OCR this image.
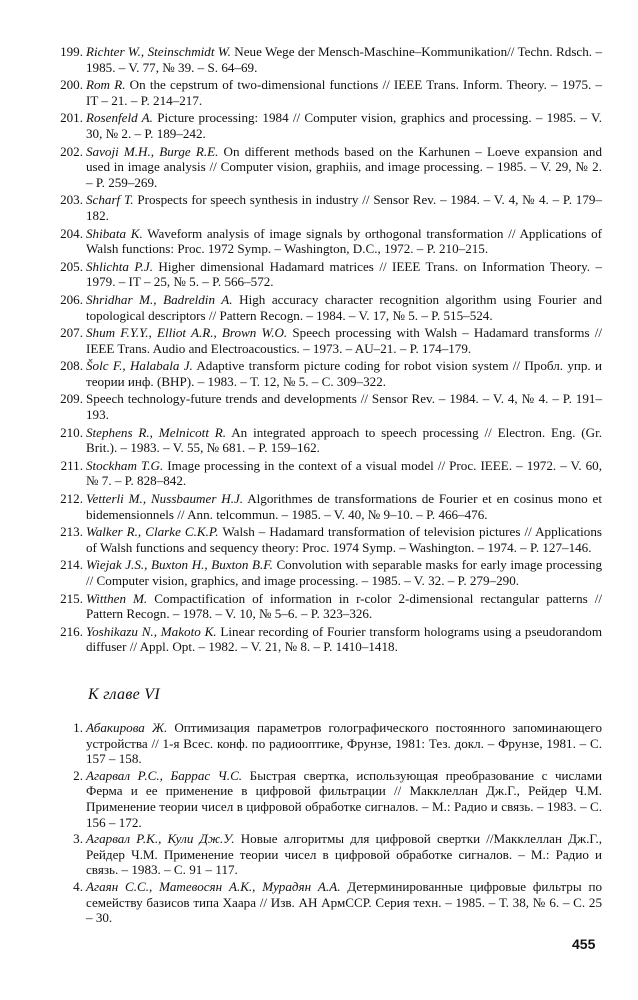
199. Richter W., Steinschmidt W. Neue Wege der Mensch-Maschine–Kommunikation// Techn. Rdsch. – 1985. – V. 77, № 39. – S. 64–69.
200. Rom R. On the cepstrum of two-dimensional functions // IEEE Trans. Inform. Theory. – 1975. – IT – 21. – P. 214–217.
201. Rosenfeld A. Picture processing: 1984 // Computer vision, graphics and processing. – 1985. – V. 30, № 2. – P. 189–242.
202. Savoji M.H., Burge R.E. On different methods based on the Karhunen – Loeve expansion and used in image analysis // Computer vision, graphiis, and image processing. – 1985. – V. 29, № 2. – P. 259–269.
203. Scharf T. Prospects for speech synthesis in industry // Sensor Rev. – 1984. – V. 4, № 4. – P. 179–182.
204. Shibata K. Waveform analysis of image signals by orthogonal transformation // Applications of Walsh functions: Proc. 1972 Symp. – Washington, D.C., 1972. – P. 210–215.
205. Shlichta P.J. Higher dimensional Hadamard matrices // IEEE Trans. on Information Theory. – 1979. – IT – 25, № 5. – P. 566–572.
206. Shridhar M., Badreldin A. High accuracy character recognition algorithm using Fourier and topological descriptors // Pattern Recogn. – 1984. – V. 17, № 5. – P. 515–524.
207. Shum F.Y.Y., Elliot A.R., Brown W.O. Speech processing with Walsh – Hadamard transforms // IEEE Trans. Audio and Electroacoustics. – 1973. – AU–21. – P. 174–179.
208. Šolc F., Halabala J. Adaptive transform picture coding for robot vision system // Пробл. упр. и теории инф. (ВНР). – 1983. – Т. 12, № 5. – С. 309–322.
209. Speech technology-future trends and developments // Sensor Rev. – 1984. – V. 4, № 4. – P. 191–193.
210. Stephens R., Melnicott R. An integrated approach to speech processing // Electron. Eng. (Gr. Brit.). – 1983. – V. 55, № 681. – P. 159–162.
211. Stockham T.G. Image processing in the context of a visual model // Proc. IEEE. – 1972. – V. 60, № 7. – P. 828–842.
212. Vetterli M., Nussbaumer H.J. Algorithmes de transformations de Fourier et en cosinus mono et bidemensionnels // Ann. telcommun. – 1985. – V. 40, № 9–10. – P. 466–476.
213. Walker R., Clarke C.K.P. Walsh – Hadamard transformation of television pictures // Applications of Walsh functions and sequency theory: Proc. 1974 Symp. – Washington. – 1974. – P. 127–146.
214. Wiejak J.S., Buxton H., Buxton B.F. Convolution with separable masks for early image processing // Computer vision, graphics, and image processing. – 1985. – V. 32. – P. 279–290.
215. Witthen M. Compactification of information in r-color 2-dimensional rectangular patterns // Pattern Recogn. – 1978. – V. 10, № 5–6. – P. 323–326.
216. Yoshikazu N., Makoto K. Linear recording of Fourier transform holograms using a pseudorandom diffuser // Appl. Opt. – 1982. – V. 21, № 8. – P. 1410–1418.
К главе VI
1. Абакирова Ж. Оптимизация параметров голографического постоянного запоминающего устройства // 1-я Всес. конф. по радиооптике, Фрунзе, 1981: Тез. докл. – Фрунзе, 1981. – С. 157 – 158.
2. Агарвал Р.С., Баррас Ч.С. Быстрая свертка, использующая преобразование с числами Ферма и ее применение в цифровой фильтрации // Макклеллан Дж.Г., Рейдер Ч.М. Применение теории чисел в цифровой обработке сигналов. – М.: Радио и связь. – 1983. – С. 156 – 172.
3. Агарвал Р.К., Кули Дж.У. Новые алгоритмы для цифровой свертки //Макклеллан Дж.Г., Рейдер Ч.М. Применение теории чисел в цифровой обработке сигналов. – М.: Радио и связь. – 1983. – С. 91 – 117.
4. Агаян С.С., Матевосян А.К., Мурадян А.А. Детерминированные цифровые фильтры по семейству базисов типа Хаара // Изв. АН АрмССР. Серия техн. – 1985. – Т. 38, № 6. – С. 25 – 30.
455
